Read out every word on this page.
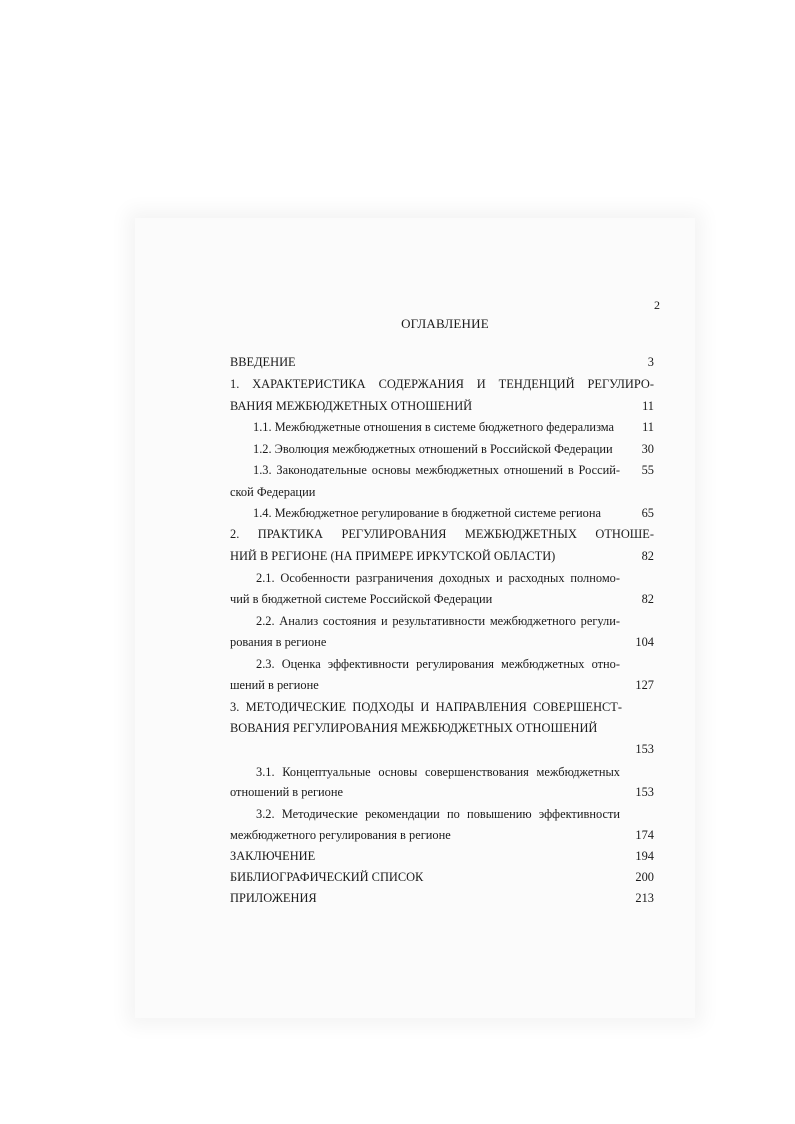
2
ОГЛАВЛЕНИЕ
ВВЕДЕНИЕ	3
1. ХАРАКТЕРИСТИКА СОДЕРЖАНИЯ И ТЕНДЕНЦИЙ РЕГУЛИРО-
ВАНИЯ МЕЖБЮДЖЕТНЫХ ОТНОШЕНИЙ	11
1.1. Межбюджетные отношения в системе бюджетного федерализма 11
1.2. Эволюция межбюджетных отношений в Российской Федерации 30
1.3. Законодательные основы межбюджетных отношений в Россий- 55
ской Федерации
1.4. Межбюджетное регулирование в бюджетной системе региона	65
2. ПРАКТИКА РЕГУЛИРОВАНИЯ МЕЖБЮДЖЕТНЫХ ОТНОШЕ-
НИЙ В РЕГИОНЕ (НА ПРИМЕРЕ ИРКУТСКОЙ ОБЛАСТИ)	82
2.1. Особенности разграничения доходных и расходных полномо-
чий в бюджетной системе Российской Федерации	82
2.2. Анализ состояния и результативности межбюджетного регули-
рования в регионе	104
2.3. Оценка эффективности регулирования межбюджетных отно-
шений в регионе	127
3. МЕТОДИЧЕСКИЕ ПОДХОДЫ И НАПРАВЛЕНИЯ СОВЕРШЕНСТ-
ВОВАНИЯ РЕГУЛИРОВАНИЯ МЕЖБЮДЖЕТНЫХ ОТНОШЕНИЙ
153
3.1. Концептуальные основы совершенствования межбюджетных
отношений в регионе	153
3.2. Методические рекомендации по повышению эффективности
межбюджетного регулирования в регионе	174
ЗАКЛЮЧЕНИЕ	194
БИБЛИОГРАФИЧЕСКИЙ СПИСОК	200
ПРИЛОЖЕНИЯ	213
